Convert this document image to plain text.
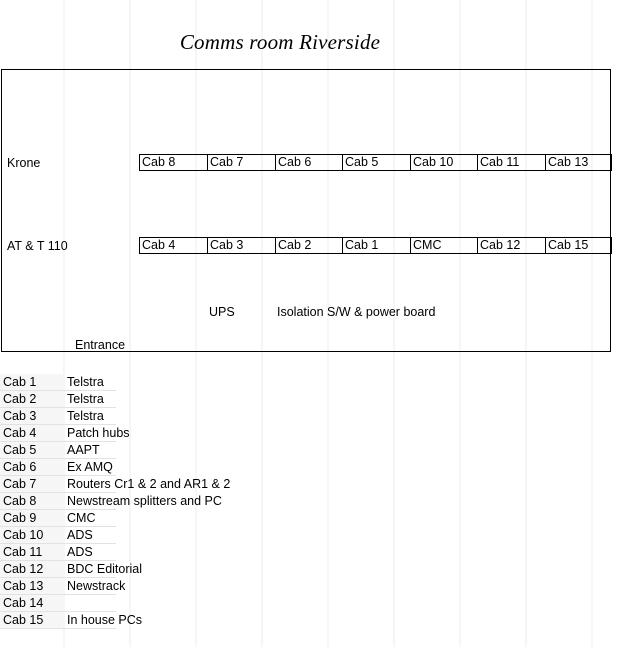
Comms room Riverside
Krone	Cab 8	Cab 7	Cab 6	Cab 5	Cab 10	Cab 11	Cab 13
AT & T 110	Cab 4	Cab 3	Cab 2	Cab 1	CMC	Cab 12	Cab 15
UPS	Isolation S/W & power board
Entrance
Cab 1	Telstra
Cab 2	Telstra
Cab 3	Telstra
Cab 4	Patch hubs
Cab 5	AAPT
Cab 6	Ex AMQ
Cab 7	Routers Cr1 & 2 and AR1 & 2
Cab 8	Newstream splitters and PC
Cab 9	CMC
Cab 10	ADS
Cab 11	ADS
Cab 12	BDC Editorial
Cab 13	Newstrack
Cab 14
Cab 15	In house PCs
